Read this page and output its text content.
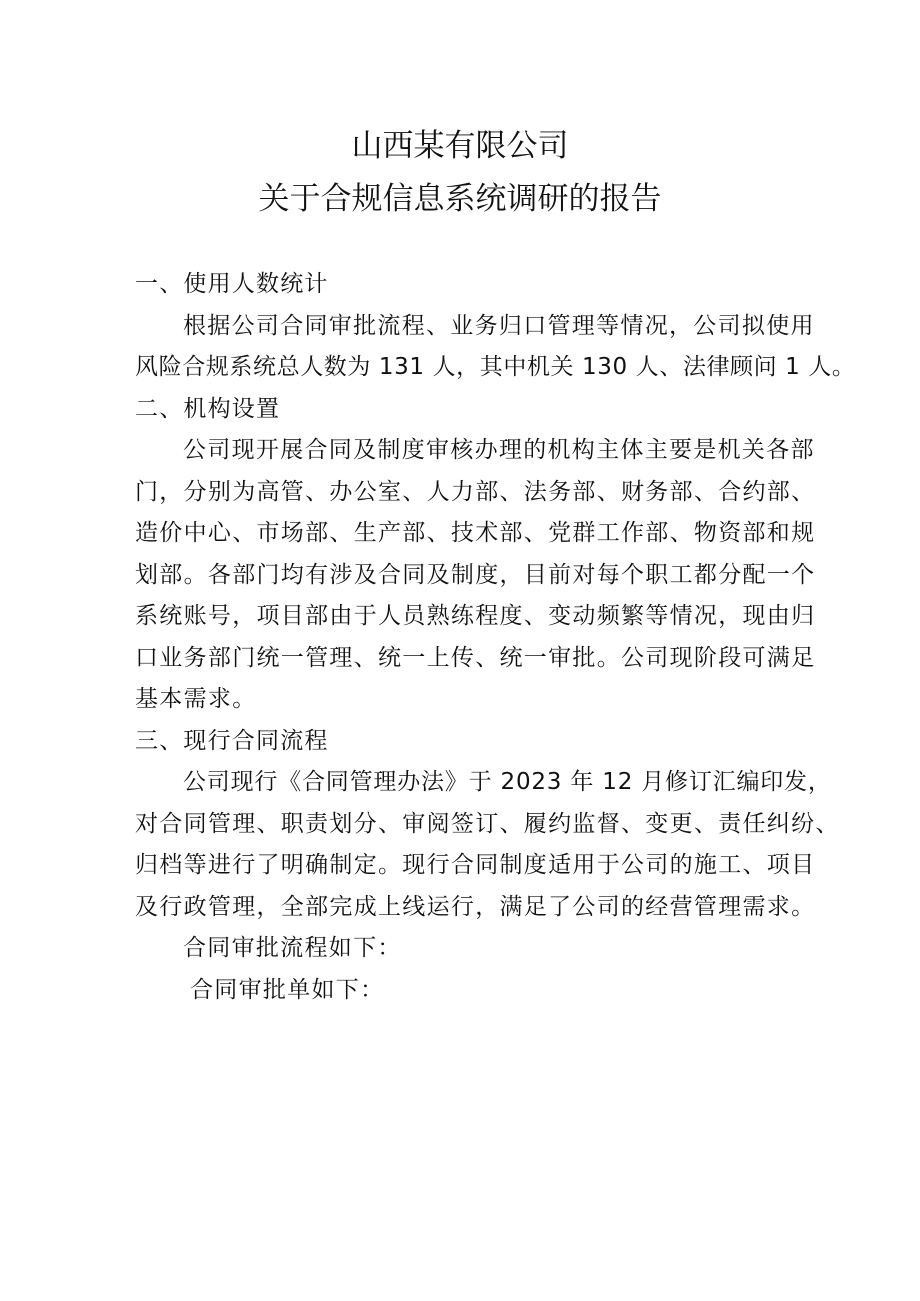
山西某有限公司
关于合规信息系统调研的报告
一、使用人数统计
根据公司合同审批流程、业务归口管理等情况，公司拟使用
风险合规系统总人数为 131 人，其中机关 130 人、法律顾问 1 人。
二、机构设置
公司现开展合同及制度审核办理的机构主体主要是机关各部
门，分别为高管、办公室、人力部、法务部、财务部、合约部、
造价中心、市场部、生产部、技术部、党群工作部、物资部和规
划部。各部门均有涉及合同及制度，目前对每个职工都分配一个
系统账号，项目部由于人员熟练程度、变动频繁等情况，现由归
口业务部门统一管理、统一上传、统一审批。公司现阶段可满足
基本需求。
三、现行合同流程
公司现行《合同管理办法》于 2023 年 12 月修订汇编印发，
对合同管理、职责划分、审阅签订、履约监督、变更、责任纠纷、
归档等进行了明确制定。现行合同制度适用于公司的施工、项目
及行政管理，全部完成上线运行，满足了公司的经营管理需求。
合同审批流程如下：
合同审批单如下：
